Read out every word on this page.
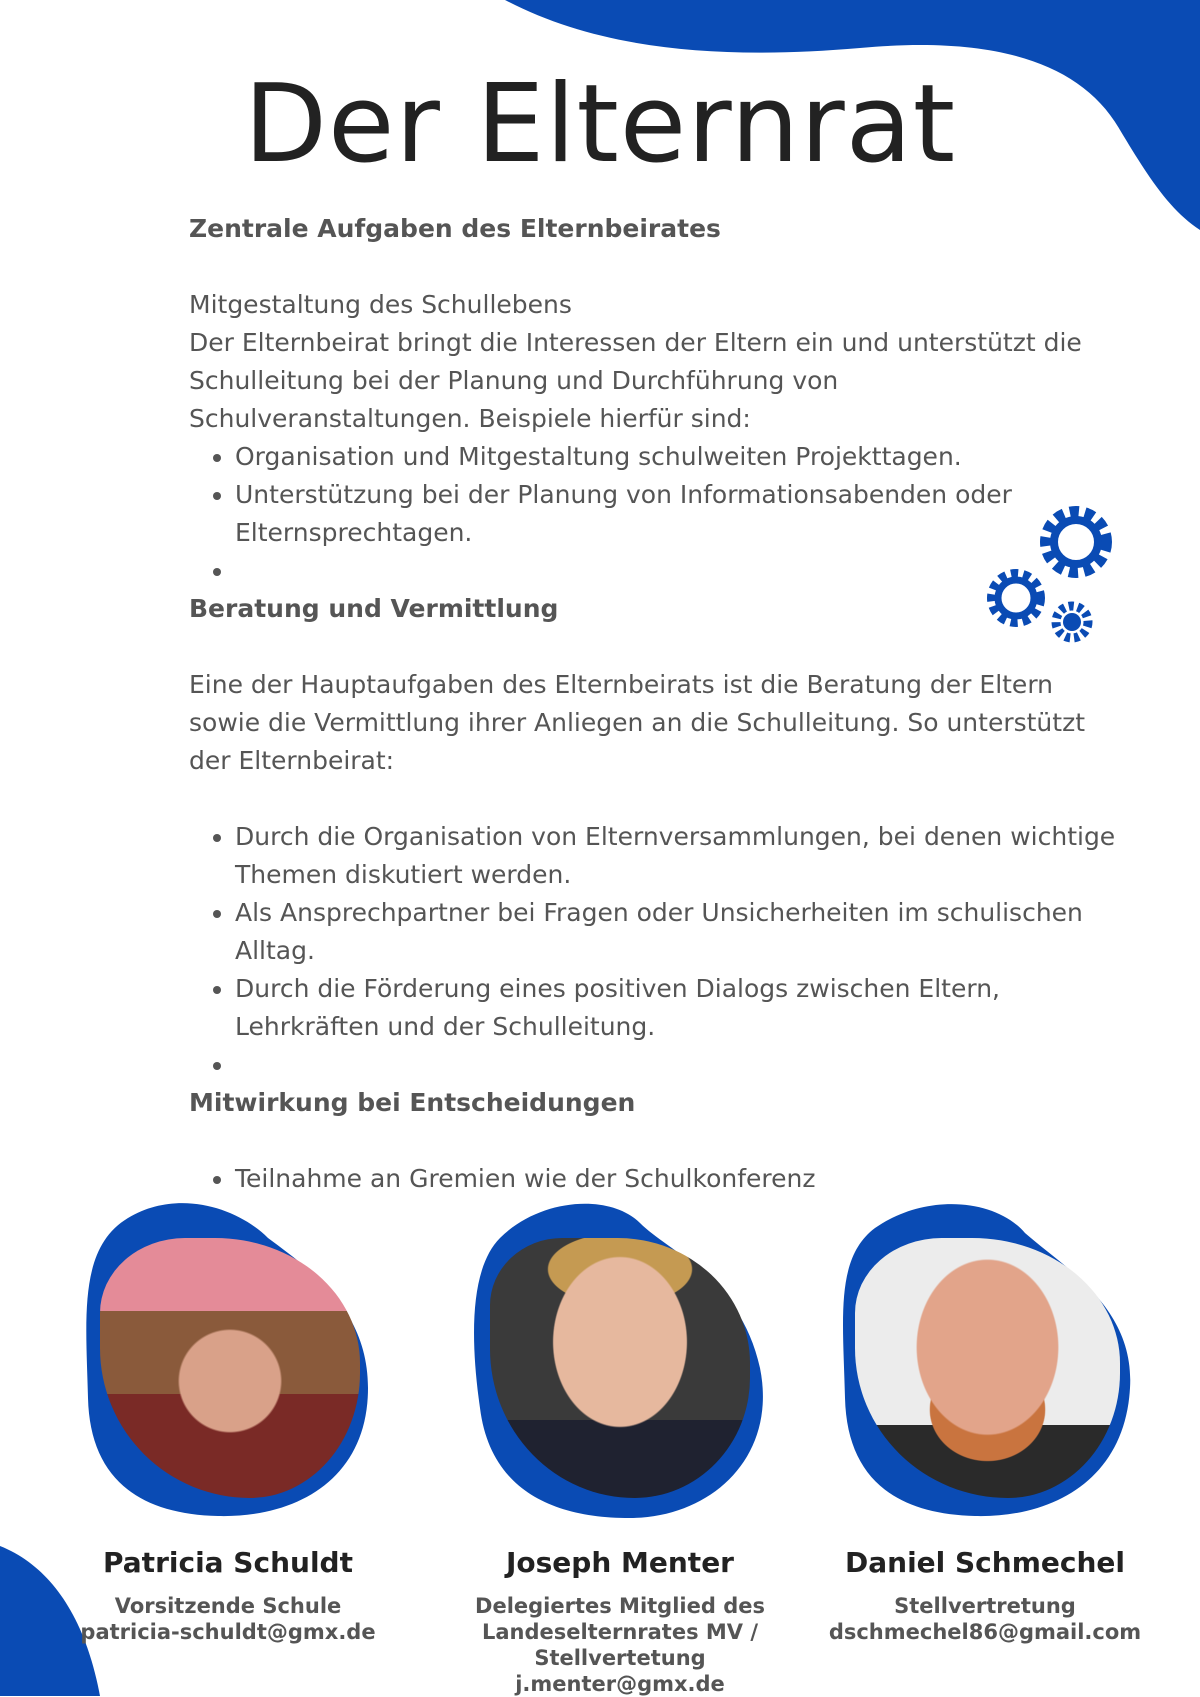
Der Elternrat

Zentrale Aufgaben des Elternbeirates

Mitgestaltung des Schullebens

Der Elternbeirat bringt die Interessen der Eltern ein und unterstützt die Schulleitung bei der Planung und Durchführung von Schulveranstaltungen. Beispiele hierfür sind:

• Organisation und Mitgestaltung schulweiten Projekttagen.
• Unterstützung bei der Planung von Informationsabenden oder Elternsprechtagen.
•

Beratung und Vermittlung

Eine der Hauptaufgaben des Elternbeirats ist die Beratung der Eltern sowie die Vermittlung ihrer Anliegen an die Schulleitung. So unterstützt der Elternbeirat:

• Durch die Organisation von Elternversammlungen, bei denen wichtige Themen diskutiert werden.
• Als Ansprechpartner bei Fragen oder Unsicherheiten im schulischen Alltag.
• Durch die Förderung eines positiven Dialogs zwischen Eltern, Lehrkräften und der Schulleitung.
•

Mitwirkung bei Entscheidungen

• Teilnahme an Gremien wie der Schulkonferenz
Patricia Schuldt
Vorsitzende Schule
patricia-schuldt@gmx.de
Joseph Menter
Delegiertes Mitglied des
Landeselternrates MV /
Stellvertetung
j.menter@gmx.de
Daniel Schmechel
Stellvertretung
dschmechel86@gmail.com
